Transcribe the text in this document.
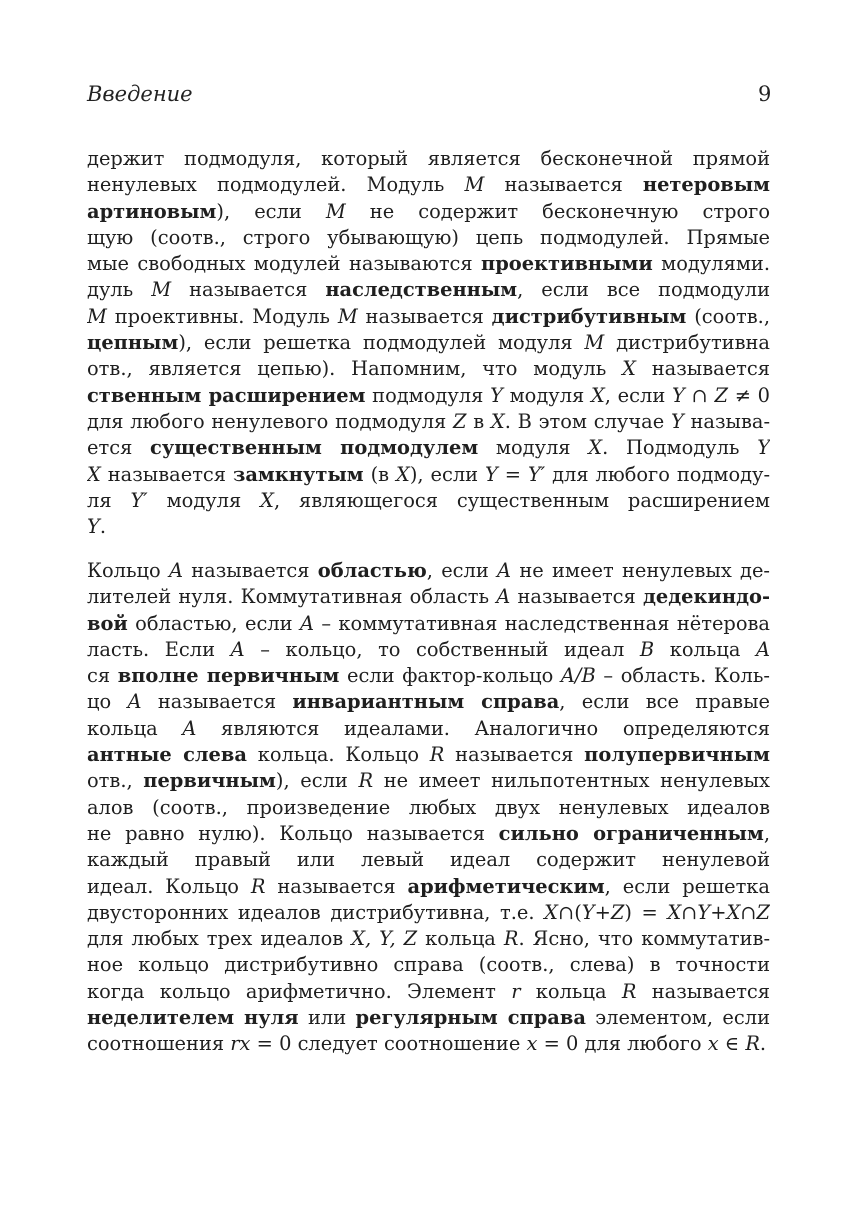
Введение	9
держит подмодуля, который является бесконечной прямой
ненулевых подмодулей. Модуль M называется нетеровым
артиновым), если M не содержит бесконечную строго
щую (соотв., строго убывающую) цепь подмодулей. Прямые
мые свободных модулей называются проективными модулями.
дуль M называется наследственным, если все подмодули
M проективны. Модуль M называется дистрибутивным (соотв.,
цепным), если решетка подмодулей модуля M дистрибутивна
отв., является цепью). Напомним, что модуль X называется
ственным расширением подмодуля Y модуля X, если Y ∩ Z ≠ 0
для любого ненулевого подмодуля Z в X. В этом случае Y называ-
ется существенным подмодулем модуля X. Подмодуль Y
X называется замкнутым (в X), если Y = Y′ для любого подмоду-
ля Y′ модуля X, являющегося существенным расширением
Y.
Кольцо A называется областью, если A не имеет ненулевых де-
лителей нуля. Коммутативная область A называется дедекиндо-
вой областью, если A – коммутативная наследственная нётерова
ласть. Если A – кольцо, то собственный идеал B кольца A
ся вполне первичным если фактор-кольцо A/B – область. Коль-
цо A называется инвариантным справа, если все правые
кольца A являются идеалами. Аналогично определяются
антные слева кольца. Кольцо R называется полупервичным
отв., первичным), если R не имеет нильпотентных ненулевых
алов (соотв., произведение любых двух ненулевых идеалов
не равно нулю). Кольцо называется сильно ограниченным,
каждый правый или левый идеал содержит ненулевой
идеал. Кольцо R называется арифметическим, если решетка
двусторонних идеалов дистрибутивна, т.е. X∩(Y+Z) = X∩Y+X∩Z
для любых трех идеалов X, Y, Z кольца R. Ясно, что коммутатив-
ное кольцо дистрибутивно справа (соотв., слева) в точности
когда кольцо арифметично. Элемент r кольца R называется
неделителем нуля или регулярным справа элементом, если
соотношения rx = 0 следует соотношение x = 0 для любого x ∈ R.
